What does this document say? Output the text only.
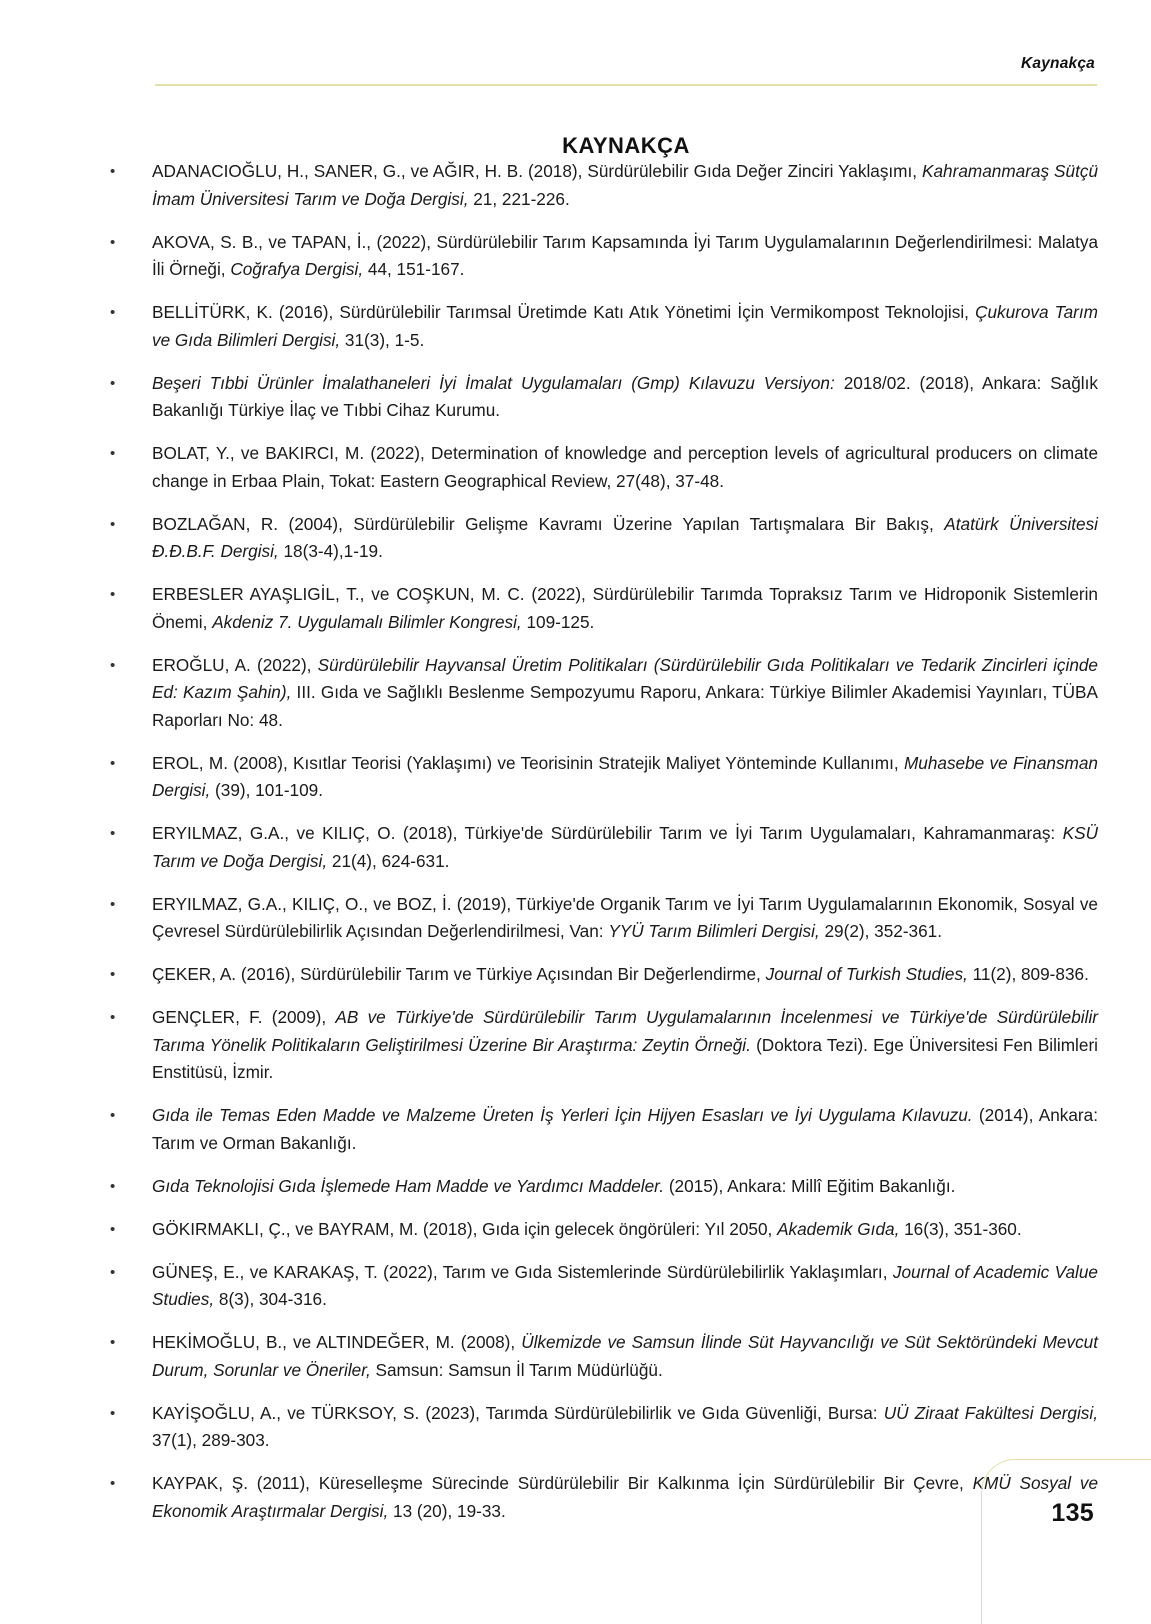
Kaynakça
KAYNAKÇA
•	ADANACIOĞLU, H., SANER, G., ve AĞIR, H. B. (2018), Sürdürülebilir Gıda Değer Zinciri Yaklaşımı, Kahramanmaraş Sütçü İmam Üniversitesi Tarım ve Doğa Dergisi, 21, 221-226.
•	AKOVA, S. B., ve TAPAN, İ., (2022), Sürdürülebilir Tarım Kapsamında İyi Tarım Uygulamalarının Değerlendirilmesi: Malatya İli Örneği, Coğrafya Dergisi, 44, 151-167.
•	BELLİTÜRK, K. (2016), Sürdürülebilir Tarımsal Üretimde Katı Atık Yönetimi İçin Vermikompost Teknolojisi, Çukurova Tarım ve Gıda Bilimleri Dergisi, 31(3), 1-5.
•	Beşeri Tıbbi Ürünler İmalathaneleri İyi İmalat Uygulamaları (Gmp) Kılavuzu Versiyon: 2018/02. (2018), Ankara: Sağlık Bakanlığı Türkiye İlaç ve Tıbbi Cihaz Kurumu.
•	BOLAT, Y., ve BAKIRCI, M. (2022), Determination of knowledge and perception levels of agricultural producers on climate change in Erbaa Plain, Tokat: Eastern Geographical Review, 27(48), 37-48.
•	BOZLAĞAN, R. (2004), Sürdürülebilir Gelişme Kavramı Üzerine Yapılan Tartışmalara Bir Bakış, Atatürk Üniversitesi Đ.Đ.B.F. Dergisi, 18(3-4),1-19.
•	ERBESLER AYAŞLIGİL, T., ve COŞKUN, M. C. (2022), Sürdürülebilir Tarımda Topraksız Tarım ve Hidroponik Sistemlerin Önemi, Akdeniz 7. Uygulamalı Bilimler Kongresi, 109-125.
•	EROĞLU, A. (2022), Sürdürülebilir Hayvansal Üretim Politikaları (Sürdürülebilir Gıda Politikaları ve Tedarik Zincirleri içinde Ed: Kazım Şahin), III. Gıda ve Sağlıklı Beslenme Sempozyumu Raporu, Ankara: Türkiye Bilimler Akademisi Yayınları, TÜBA Raporları No: 48.
•	EROL, M. (2008), Kısıtlar Teorisi (Yaklaşımı) ve Teorisinin Stratejik Maliyet Yönteminde Kullanımı, Muhasebe ve Finansman Dergisi, (39), 101-109.
•	ERYILMAZ, G.A., ve KILIÇ, O. (2018), Türkiye'de Sürdürülebilir Tarım ve İyi Tarım Uygulamaları, Kahramanmaraş: KSÜ Tarım ve Doğa Dergisi, 21(4), 624-631.
•	ERYILMAZ, G.A., KILIÇ, O., ve BOZ, İ. (2019), Türkiye'de Organik Tarım ve İyi Tarım Uygulamalarının Ekonomik, Sosyal ve Çevresel Sürdürülebilirlik Açısından Değerlendirilmesi, Van: YYÜ Tarım Bilimleri Dergisi, 29(2), 352-361.
•	ÇEKER, A. (2016), Sürdürülebilir Tarım ve Türkiye Açısından Bir Değerlendirme, Journal of Turkish Studies, 11(2), 809-836.
•	GENÇLER, F. (2009), AB ve Türkiye'de Sürdürülebilir Tarım Uygulamalarının İncelenmesi ve Türkiye'de Sürdürülebilir Tarıma Yönelik Politikaların Geliştirilmesi Üzerine Bir Araştırma: Zeytin Örneği. (Doktora Tezi). Ege Üniversitesi Fen Bilimleri Enstitüsü, İzmir.
•	Gıda ile Temas Eden Madde ve Malzeme Üreten İş Yerleri İçin Hijyen Esasları ve İyi Uygulama Kılavuzu. (2014), Ankara: Tarım ve Orman Bakanlığı.
•	Gıda Teknolojisi Gıda İşlemede Ham Madde ve Yardımcı Maddeler. (2015), Ankara: Millî Eğitim Bakanlığı.
•	GÖKIRMAKLI, Ç., ve BAYRAM, M. (2018), Gıda için gelecek öngörüleri: Yıl 2050, Akademik Gıda, 16(3), 351-360.
•	GÜNEŞ, E., ve KARAKAŞ, T. (2022), Tarım ve Gıda Sistemlerinde Sürdürülebilirlik Yaklaşımları, Journal of Academic Value Studies, 8(3), 304-316.
•	HEKİMOĞLU, B., ve ALTINDEĞER, M. (2008), Ülkemizde ve Samsun İlinde Süt Hayvancılığı ve Süt Sektöründeki Mevcut Durum, Sorunlar ve Öneriler, Samsun: Samsun İl Tarım Müdürlüğü.
•	KAYİŞOĞLU, A., ve TÜRKSOY, S. (2023), Tarımda Sürdürülebilirlik ve Gıda Güvenliği, Bursa: UÜ Ziraat Fakültesi Dergisi, 37(1), 289-303.
•	KAYPAK, Ş. (2011), Küreselleşme Sürecinde Sürdürülebilir Bir Kalkınma İçin Sürdürülebilir Bir Çevre, KMÜ Sosyal ve Ekonomik Araştırmalar Dergisi, 13 (20), 19-33.	135
